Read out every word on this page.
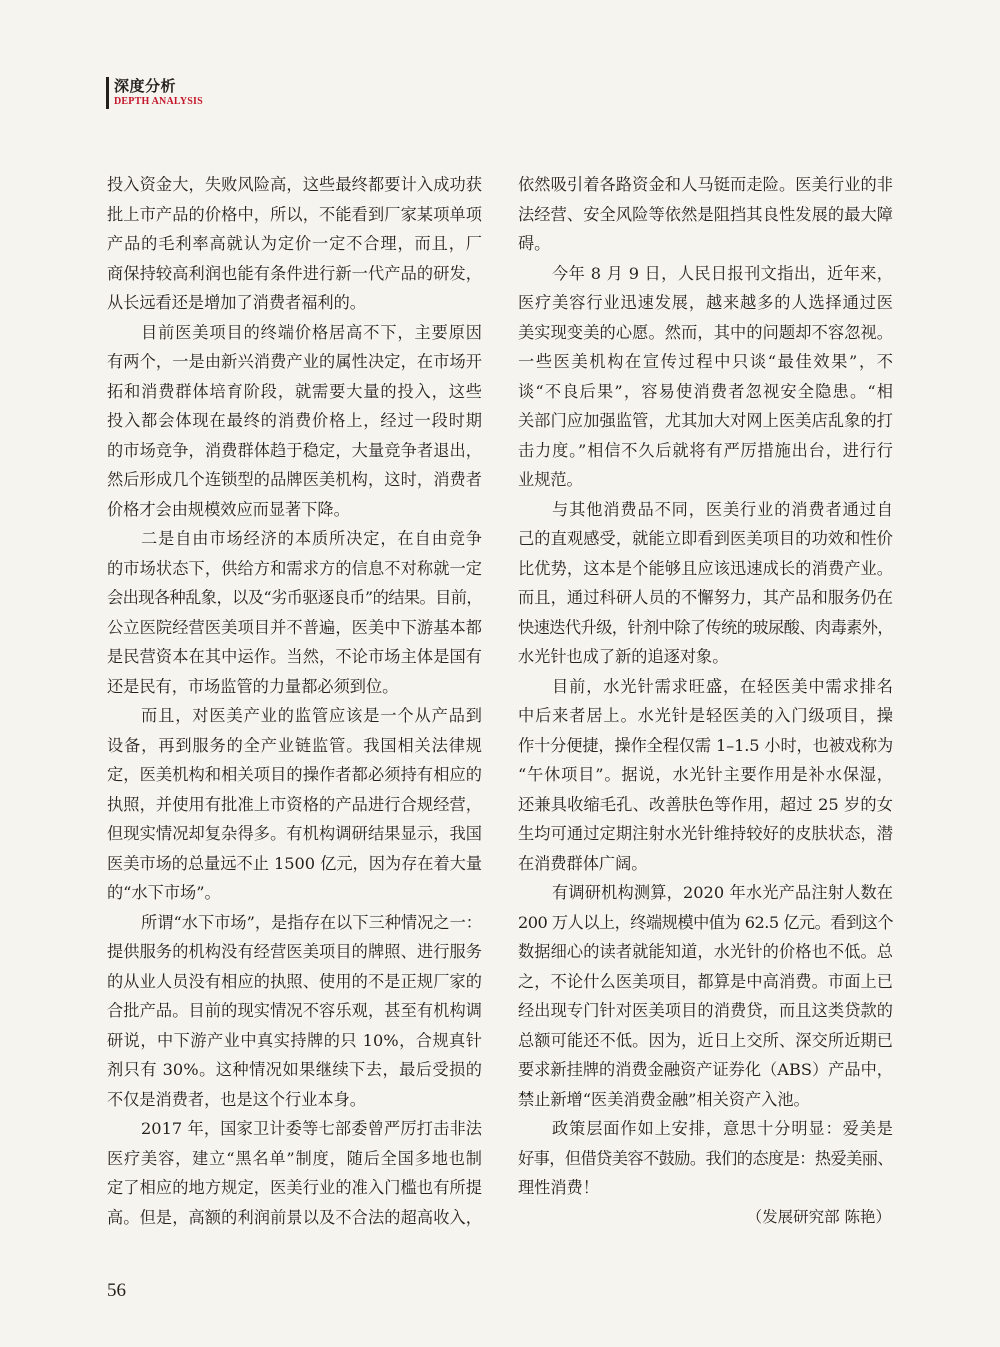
深度分析
DEPTH ANALYSIS
投入资金大，失败风险高，这些最终都要计入成功获
批上市产品的价格中，所以，不能看到厂家某项单项
产品的毛利率高就认为定价一定不合理，而且，厂
商保持较高利润也能有条件进行新一代产品的研发，
从长远看还是增加了消费者福利的。
目前医美项目的终端价格居高不下，主要原因
有两个，一是由新兴消费产业的属性决定，在市场开
拓和消费群体培育阶段，就需要大量的投入，这些
投入都会体现在最终的消费价格上，经过一段时期
的市场竞争，消费群体趋于稳定，大量竞争者退出，
然后形成几个连锁型的品牌医美机构，这时，消费者
价格才会由规模效应而显著下降。
二是自由市场经济的本质所决定，在自由竞争
的市场状态下，供给方和需求方的信息不对称就一定
会出现各种乱象，以及“劣币驱逐良币”的结果。目前，
公立医院经营医美项目并不普遍，医美中下游基本都
是民营资本在其中运作。当然，不论市场主体是国有
还是民有，市场监管的力量都必须到位。
而且，对医美产业的监管应该是一个从产品到
设备，再到服务的全产业链监管。我国相关法律规
定，医美机构和相关项目的操作者都必须持有相应的
执照，并使用有批准上市资格的产品进行合规经营，
但现实情况却复杂得多。有机构调研结果显示，我国
医美市场的总量远不止 1500 亿元，因为存在着大量
的“水下市场”。
所谓“水下市场”，是指存在以下三种情况之一：
提供服务的机构没有经营医美项目的牌照、进行服务
的从业人员没有相应的执照、使用的不是正规厂家的
合批产品。目前的现实情况不容乐观，甚至有机构调
研说，中下游产业中真实持牌的只 10%，合规真针
剂只有 30%。这种情况如果继续下去，最后受损的
不仅是消费者，也是这个行业本身。
2017 年，国家卫计委等七部委曾严厉打击非法
医疗美容，建立“黑名单”制度，随后全国多地也制
定了相应的地方规定，医美行业的准入门槛也有所提
高。但是，高额的利润前景以及不合法的超高收入，
依然吸引着各路资金和人马铤而走险。医美行业的非
法经营、安全风险等依然是阻挡其良性发展的最大障
碍。
今年 8 月 9 日，人民日报刊文指出，近年来，
医疗美容行业迅速发展，越来越多的人选择通过医
美实现变美的心愿。然而，其中的问题却不容忽视。
一些医美机构在宣传过程中只谈“最佳效果”，不
谈“不良后果”，容易使消费者忽视安全隐患。“相
关部门应加强监管，尤其加大对网上医美店乱象的打
击力度。”相信不久后就将有严厉措施出台，进行行
业规范。
与其他消费品不同，医美行业的消费者通过自
己的直观感受，就能立即看到医美项目的功效和性价
比优势，这本是个能够且应该迅速成长的消费产业。
而且，通过科研人员的不懈努力，其产品和服务仍在
快速迭代升级，针剂中除了传统的玻尿酸、肉毒素外，
水光针也成了新的追逐对象。
目前，水光针需求旺盛，在轻医美中需求排名
中后来者居上。水光针是轻医美的入门级项目，操
作十分便捷，操作全程仅需 1–1.5 小时，也被戏称为
“午休项目”。据说，水光针主要作用是补水保湿，
还兼具收缩毛孔、改善肤色等作用，超过 25 岁的女
生均可通过定期注射水光针维持较好的皮肤状态，潜
在消费群体广阔。
有调研机构测算，2020 年水光产品注射人数在
200 万人以上，终端规模中值为 62.5 亿元。看到这个
数据细心的读者就能知道，水光针的价格也不低。总
之，不论什么医美项目，都算是中高消费。市面上已
经出现专门针对医美项目的消费贷，而且这类贷款的
总额可能还不低。因为，近日上交所、深交所近期已
要求新挂牌的消费金融资产证券化（ABS）产品中，
禁止新增“医美消费金融”相关资产入池。
政策层面作如上安排，意思十分明显：爱美是
好事，但借贷美容不鼓励。我们的态度是：热爱美丽、
理性消费！
（发展研究部 陈艳）
56
